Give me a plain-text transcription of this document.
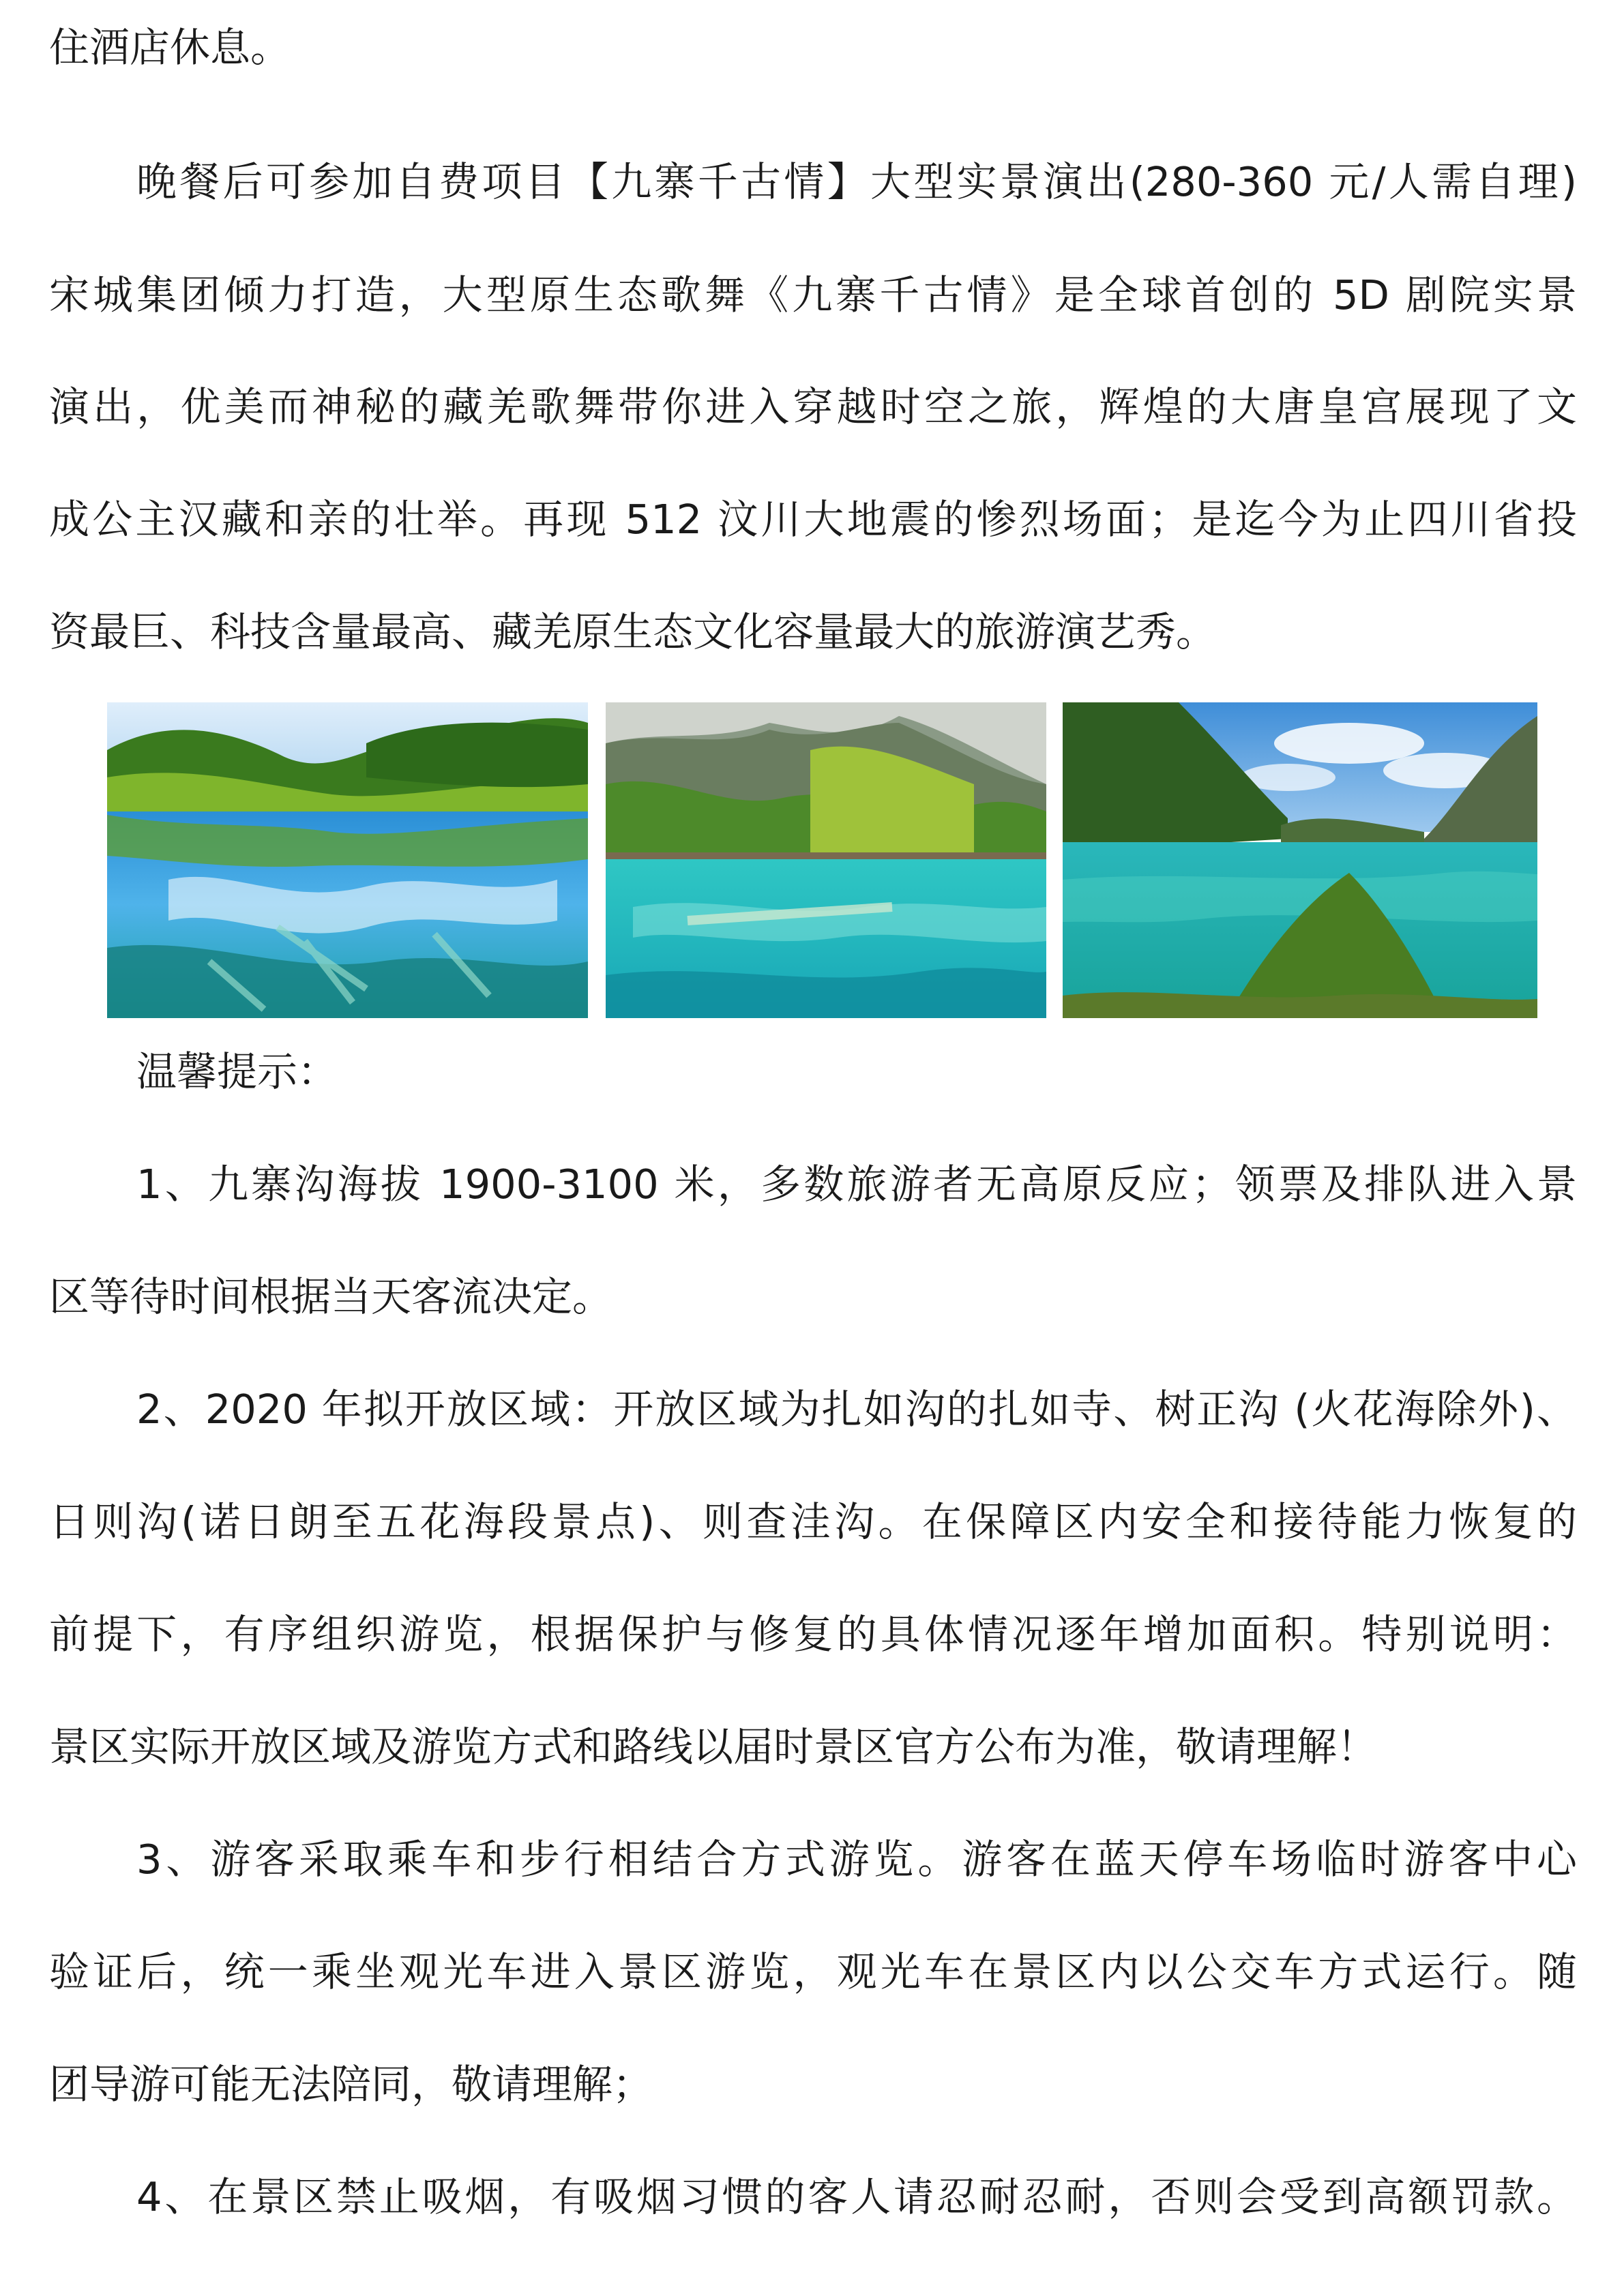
住酒店休息。
晚餐后可参加自费项目【九寨千古情】大型实景演出(280-360 元/人需自理)
宋城集团倾力打造，大型原生态歌舞《九寨千古情》是全球首创的 5D 剧院实景
演出，优美而神秘的藏羌歌舞带你进入穿越时空之旅，辉煌的大唐皇宫展现了文
成公主汉藏和亲的壮举。再现 512 汶川大地震的惨烈场面；是迄今为止四川省投
资最巨、科技含量最高、藏羌原生态文化容量最大的旅游演艺秀。
温馨提示：
1、九寨沟海拔 1900-3100 米，多数旅游者无高原反应；领票及排队进入景
区等待时间根据当天客流决定。
2、2020 年拟开放区域：开放区域为扎如沟的扎如寺、树正沟 (火花海除外)、
日则沟(诺日朗至五花海段景点)、则查洼沟。在保障区内安全和接待能力恢复的
前提下，有序组织游览，根据保护与修复的具体情况逐年增加面积。特别说明：
景区实际开放区域及游览方式和路线以届时景区官方公布为准，敬请理解！
3、游客采取乘车和步行相结合方式游览。游客在蓝天停车场临时游客中心
验证后，统一乘坐观光车进入景区游览，观光车在景区内以公交车方式运行。随
团导游可能无法陪同，敬请理解；
4、在景区禁止吸烟，有吸烟习惯的客人请忍耐忍耐，否则会受到高额罚款。
